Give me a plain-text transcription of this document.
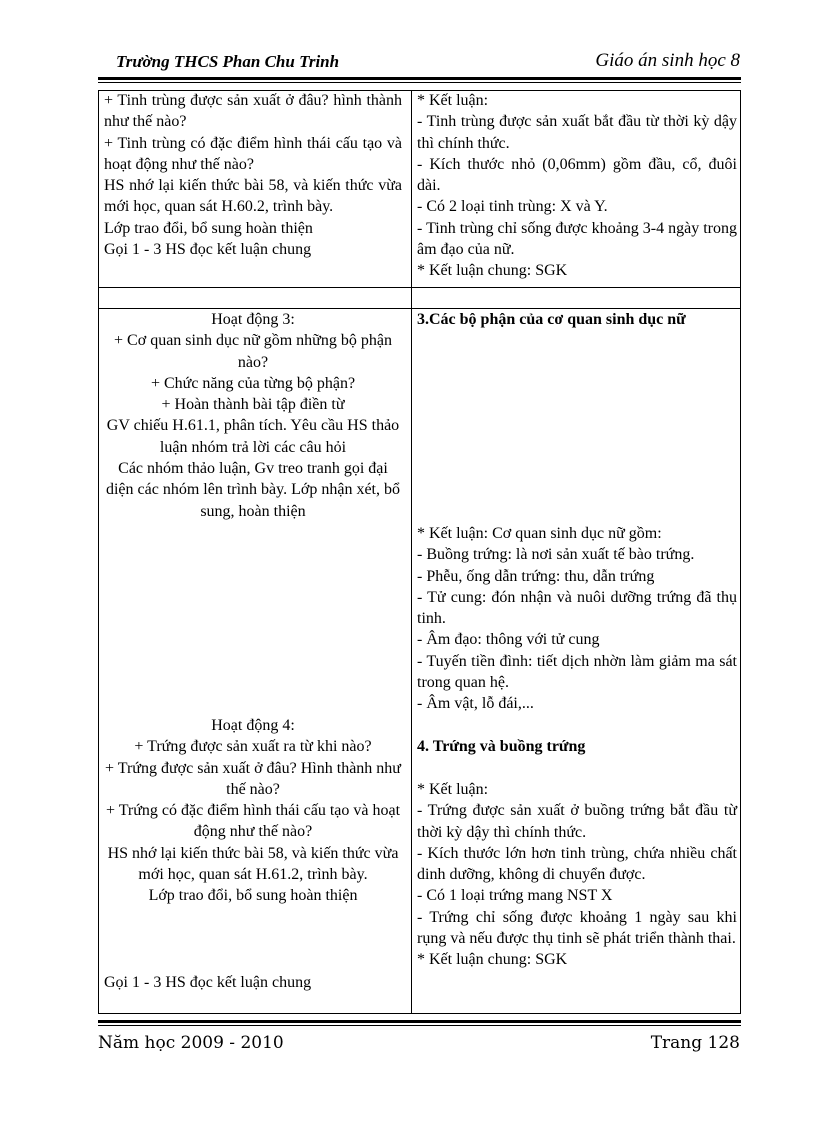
Trường THCS Phan Chu Trinh	Giáo án sinh học 8
+ Tinh trùng được sản xuất ở đâu? hình thành như thế nào?
+ Tinh trùng có đặc điểm hình thái cấu tạo và hoạt động như thế nào?
HS nhớ lại kiến thức bài 58, và kiến thức vừa mới học, quan sát H.60.2, trình bày.
Lớp trao đổi, bổ sung hoàn thiện
Gọi 1 - 3 HS đọc kết luận chung
* Kết luận:
- Tinh trùng được sản xuất bắt đầu từ thời kỳ dậy thì chính thức.
- Kích thước nhỏ (0,06mm) gồm đầu, cổ, đuôi dài.
- Có 2 loại tinh trùng: X và Y.
- Tinh trùng chỉ sống được khoảng 3-4 ngày trong âm đạo của nữ.
* Kết luận chung: SGK
Hoạt động 3:
+ Cơ quan sinh dục nữ gồm những bộ phận nào?
+ Chức năng của từng bộ phận?
+ Hoàn thành bài tập điền từ
GV chiếu H.61.1, phân tích. Yêu cầu HS thảo luận nhóm trả lời các câu hỏi
Các nhóm thảo luận, Gv treo tranh gọi đại diện các nhóm lên trình bày. Lớp nhận xét, bổ sung, hoàn thiện
Hoạt động 4:
+ Trứng được sản xuất ra từ khi nào?
+ Trứng được sản xuất ở đâu? Hình thành như thế nào?
+ Trứng có đặc điểm hình thái cấu tạo và hoạt động như thế nào?
HS nhớ lại kiến thức bài 58, và kiến thức vừa mới học, quan sát H.61.2, trình bày.
Lớp trao đổi, bổ sung hoàn thiện
Gọi 1 - 3 HS đọc kết luận chung
3.Các bộ phận của cơ quan sinh dục nữ
* Kết luận: Cơ quan sinh dục nữ gồm:
- Buồng trứng: là nơi sản xuất tế bào trứng.
- Phễu, ống dẫn trứng: thu, dẫn trứng
- Tử cung: đón nhận và nuôi dưỡng trứng đã thụ tinh.
- Âm đạo: thông với tử cung
- Tuyến tiền đình: tiết dịch nhờn làm giảm ma sát trong quan hệ.
- Âm vật, lỗ đái,...
4. Trứng và buồng trứng
* Kết luận:
- Trứng được sản xuất ở buồng trứng bắt đầu từ thời kỳ dậy thì chính thức.
- Kích thước lớn hơn tinh trùng, chứa nhiều chất dinh dưỡng, không di chuyển được.
- Có 1 loại trứng mang NST X
- Trứng chỉ sống được khoảng 1 ngày sau khi rụng và nếu được thụ tinh sẽ phát triển thành thai.
* Kết luận chung: SGK
Năm học 2009 - 2010	Trang 128
